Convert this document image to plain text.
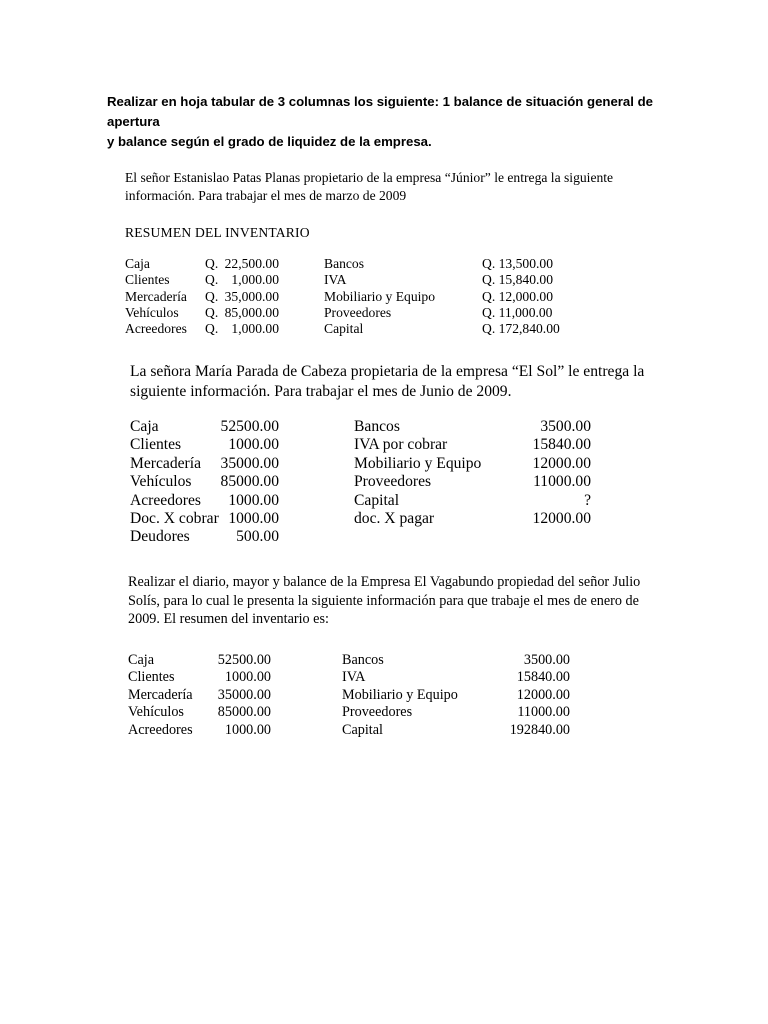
Realizar en hoja tabular de 3 columnas los siguiente: 1 balance de situación general de apertura
y balance según el grado de liquidez de la empresa.
El señor Estanislao Patas Planas propietario de la empresa “Júnior” le entrega la siguiente
información. Para trabajar el mes de marzo de 2009
RESUMEN DEL INVENTARIO
Caja	Q. 22,500.00	Bancos	Q. 13,500.00
Clientes	Q. 1,000.00	IVA	Q. 15,840.00
Mercadería Q. 35,000.00	Mobiliario y Equipo	Q. 12,000.00
Vehículos Q. 85,000.00	Proveedores	Q. 11,000.00
Acreedores Q. 1,000.00	Capital	Q. 172,840.00
La señora María Parada de Cabeza propietaria de la empresa “El Sol” le entrega la
siguiente información. Para trabajar el mes de Junio de 2009.
Caja	52500.00	Bancos	3500.00
Clientes	1000.00	IVA por cobrar	15840.00
Mercadería	35000.00	Mobiliario y Equipo	12000.00
Vehículos	85000.00	Proveedores	11000.00
Acreedores	1000.00	Capital	?
Doc. X cobrar 1000.00	doc. X pagar	12000.00
Deudores	500.00
Realizar el diario, mayor y balance de la Empresa El Vagabundo propiedad del señor Julio
Solís, para lo cual le presenta la siguiente información para que trabaje el mes de enero de
2009. El resumen del inventario es:
Caja	52500.00	Bancos	3500.00
Clientes	1000.00	IVA	15840.00
Mercadería	35000.00	Mobiliario y Equipo	12000.00
Vehículos	85000.00	Proveedores	11000.00
Acreedores	1000.00	Capital	192840.00
